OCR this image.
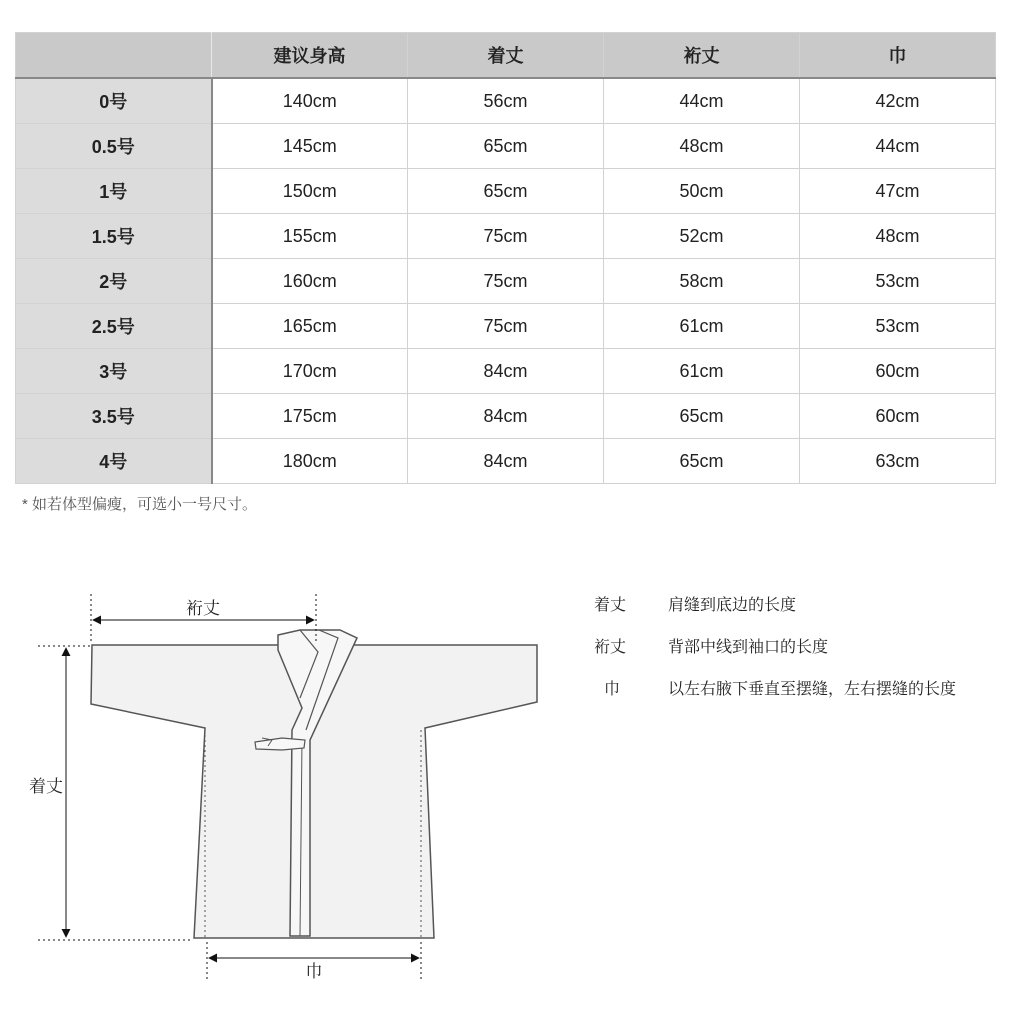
	建议身高	着丈	裄丈	巾
0号	140cm	56cm	44cm	42cm
0.5号	145cm	65cm	48cm	44cm
1号	150cm	65cm	50cm	47cm
1.5号	155cm	75cm	52cm	48cm
2号	160cm	75cm	58cm	53cm
2.5号	165cm	75cm	61cm	53cm
3号	170cm	84cm	61cm	60cm
3.5号	175cm	84cm	65cm	60cm
4号	180cm	84cm	65cm	63cm
* 如若体型偏瘦，可选小一号尺寸。
裄丈
着丈
巾
着丈	肩缝到底边的长度
裄丈	背部中线到袖口的长度
巾	以左右腋下垂直至摆缝，左右摆缝的长度
